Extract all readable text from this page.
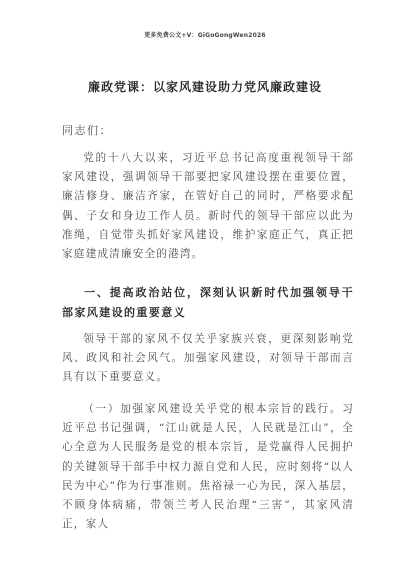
更多免费公文+V：GiGoGongWen2026
廉政党课：以家风建设助力党风廉政建设
同志们：

党的十八大以来，习近平总书记高度重视领导干部家风建设，强调领导干部要把家风建设摆在重要位置，廉洁修身、廉洁齐家，在管好自己的同时，严格要求配偶、子女和身边工作人员。新时代的领导干部应以此为准绳，自觉带头抓好家风建设，维护家庭正气，真正把家庭建成清廉安全的港湾。

一、提高政治站位，深刻认识新时代加强领导干部家风建设的重要意义

领导干部的家风不仅关乎家族兴衰，更深刻影响党风、政风和社会风气。加强家风建设，对领导干部而言具有以下重要意义。

（一）加强家风建设关乎党的根本宗旨的践行。习近平总书记强调，“江山就是人民，人民就是江山”，全心全意为人民服务是党的根本宗旨，是党赢得人民拥护的关键领导干部手中权力源自党和人民，应时刻将“以人民为中心”作为行事准则。焦裕禄一心为民，深入基层，不顾身体病痛，带领兰考人民治理“三害”，其家风清正，家人
